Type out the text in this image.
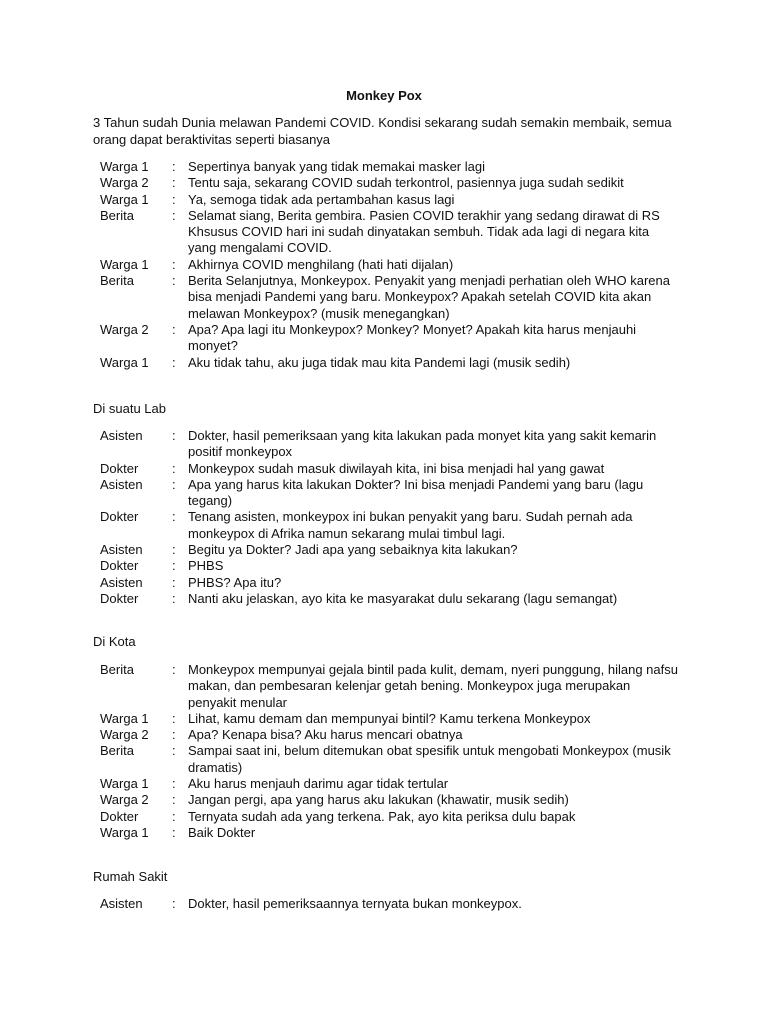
Monkey Pox
3 Tahun sudah Dunia melawan Pandemi COVID. Kondisi sekarang sudah semakin membaik, semua orang dapat beraktivitas seperti biasanya
Warga 1	: Sepertinya banyak yang tidak memakai masker lagi
Warga 2	: Tentu saja, sekarang COVID sudah terkontrol, pasiennya juga sudah sedikit
Warga 1	: Ya, semoga tidak ada pertambahan kasus lagi
Berita	: Selamat siang, Berita gembira. Pasien COVID terakhir yang sedang dirawat di RS Khsusus COVID hari ini sudah dinyatakan sembuh. Tidak ada lagi di negara kita yang mengalami COVID.
Warga 1	: Akhirnya COVID menghilang (hati hati dijalan)
Berita	: Berita Selanjutnya, Monkeypox. Penyakit yang menjadi perhatian oleh WHO karena bisa menjadi Pandemi yang baru. Monkeypox? Apakah setelah COVID kita akan melawan Monkeypox? (musik menegangkan)
Warga 2	: Apa? Apa lagi itu Monkeypox? Monkey? Monyet? Apakah kita harus menjauhi monyet?
Warga 1	: Aku tidak tahu, aku juga tidak mau kita Pandemi lagi (musik sedih)
Di suatu Lab
Asisten	: Dokter, hasil pemeriksaan yang kita lakukan pada monyet kita yang sakit kemarin positif monkeypox
Dokter	: Monkeypox sudah masuk diwilayah kita, ini bisa menjadi hal yang gawat
Asisten	: Apa yang harus kita lakukan Dokter? Ini bisa menjadi Pandemi yang baru (lagu tegang)
Dokter	: Tenang asisten, monkeypox ini bukan penyakit yang baru. Sudah pernah ada monkeypox di Afrika namun sekarang mulai timbul lagi.
Asisten	: Begitu ya Dokter? Jadi apa yang sebaiknya kita lakukan?
Dokter	: PHBS
Asisten	: PHBS? Apa itu?
Dokter	: Nanti aku jelaskan, ayo kita ke masyarakat dulu sekarang (lagu semangat)
Di Kota
Berita	: Monkeypox mempunyai gejala bintil pada kulit, demam, nyeri punggung, hilang nafsu makan, dan pembesaran kelenjar getah bening. Monkeypox juga merupakan penyakit menular
Warga 1	: Lihat, kamu demam dan mempunyai bintil? Kamu terkena Monkeypox
Warga 2	: Apa? Kenapa bisa? Aku harus mencari obatnya
Berita	: Sampai saat ini, belum ditemukan obat spesifik untuk mengobati Monkeypox (musik dramatis)
Warga 1	: Aku harus menjauh darimu agar tidak tertular
Warga 2	: Jangan pergi, apa yang harus aku lakukan (khawatir, musik sedih)
Dokter	: Ternyata sudah ada yang terkena. Pak, ayo kita periksa dulu bapak
Warga 1	: Baik Dokter
Rumah Sakit
Asisten	: Dokter, hasil pemeriksaannya ternyata bukan monkeypox.
